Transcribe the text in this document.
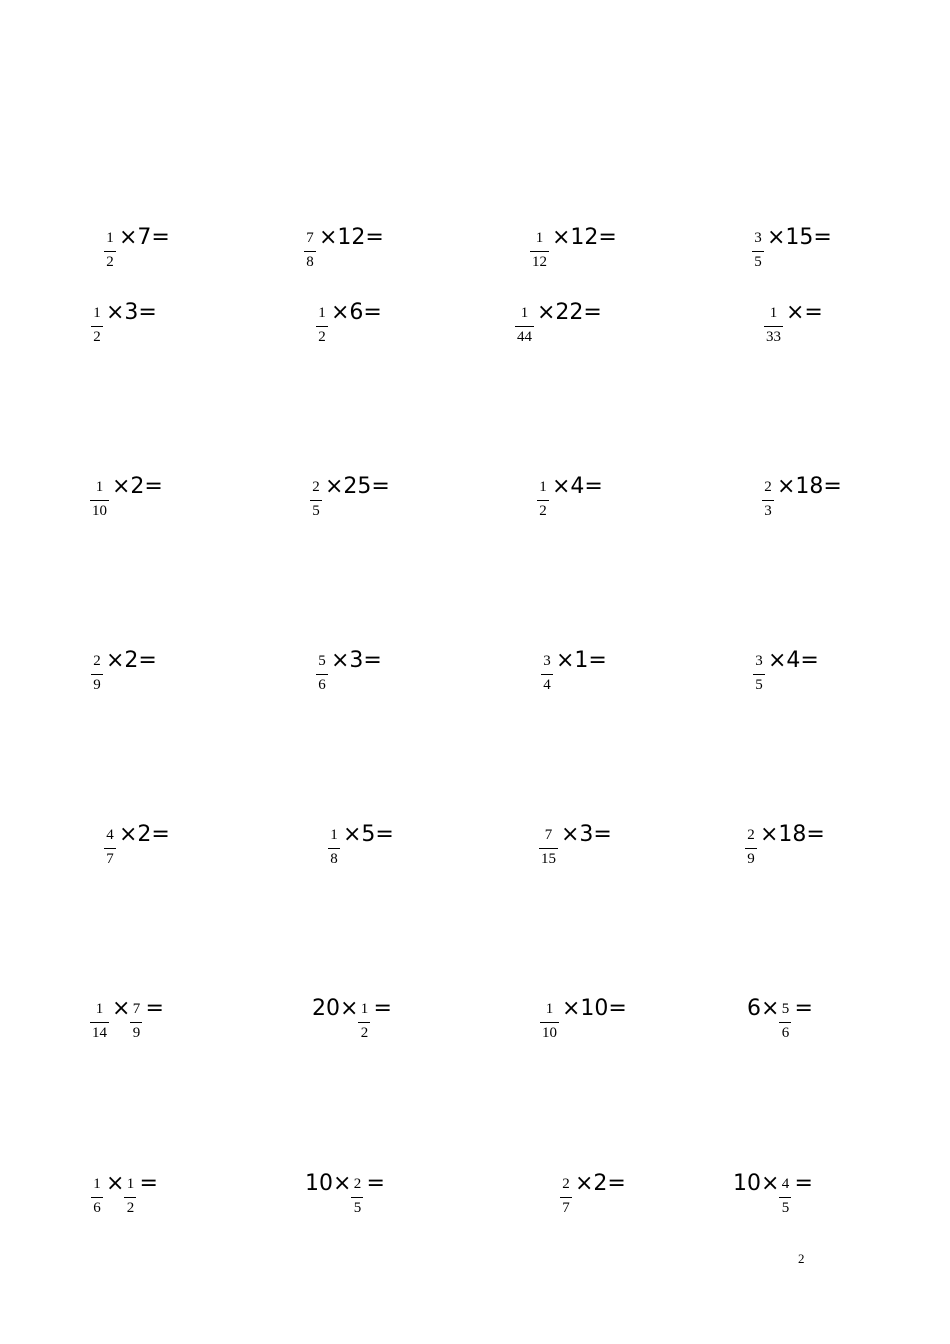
$\frac{1}{2} \times 7=$	$\frac{7}{8} \times 12=$	$\frac{1}{12} \times 12=$	$\frac{3}{5} \times 15=$
$\frac{1}{2} \times 3=$	$\frac{1}{2} \times 6=$	$\frac{1}{44} \times 22=$	$\frac{1}{33}$ ×=
$\frac{1}{10} \times 2=$	$\frac{2}{5} \times 25=$	$\frac{1}{2} \times 4=$	$\frac{2}{3} \times 18=$
$\frac{2}{9} \times 2=$	$\frac{5}{6} \times 3=$	$\frac{3}{4} \times 1=$	$\frac{3}{5} \times 4=$
$\frac{4}{7} \times 2=$	$\frac{1}{8} \times 5=$	$\frac{7}{15} \times 3=$	$\frac{2}{9} \times 18=$
$\frac{1}{14} \times \frac{7}{9}$ =	$20\times \frac{1}{2}$ =	$\frac{1}{10} \times 10=$	$6\times \frac{5}{6}$ =
$\frac{1}{6} \times \frac{1}{2}$ =	$10\times \frac{2}{5}$ =	$\frac{2}{7} \times 2=$	$10\times \frac{4}{5}$ =
2
